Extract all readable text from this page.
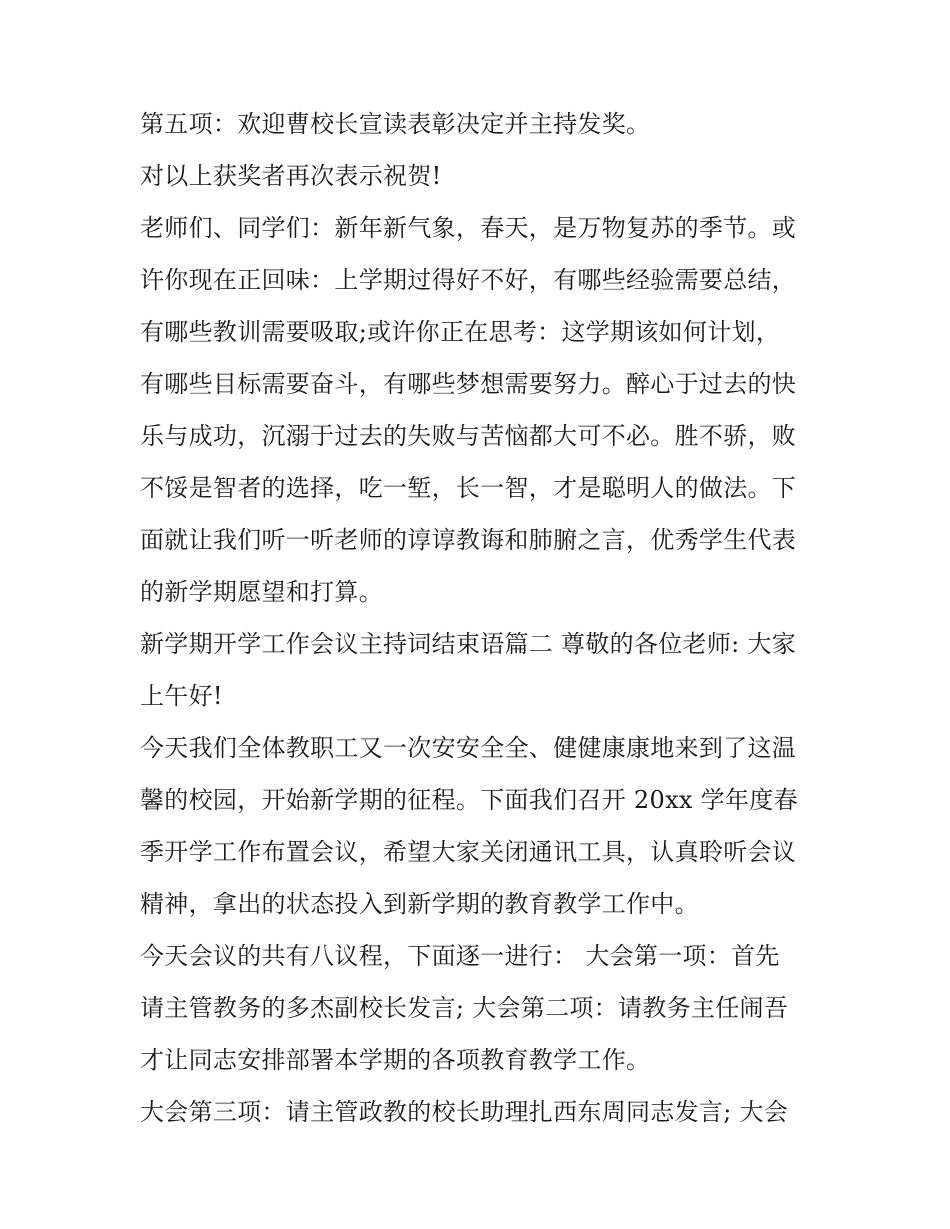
第五项：欢迎曹校长宣读表彰决定并主持发奖。
对以上获奖者再次表示祝贺!
老师们、同学们：新年新气象，春天，是万物复苏的季节。或
许你现在正回味：上学期过得好不好，有哪些经验需要总结，
有哪些教训需要吸取;或许你正在思考：这学期该如何计划，
有哪些目标需要奋斗，有哪些梦想需要努力。醉心于过去的快
乐与成功，沉溺于过去的失败与苦恼都大可不必。胜不骄，败
不馁是智者的选择，吃一堑，长一智，才是聪明人的做法。下
面就让我们听一听老师的谆谆教诲和肺腑之言，优秀学生代表
的新学期愿望和打算。
新学期开学工作会议主持词结束语篇二 尊敬的各位老师: 大家
上午好!
今天我们全体教职工又一次安安全全、健健康康地来到了这温
馨的校园，开始新学期的征程。下面我们召开 20xx 学年度春
季开学工作布置会议，希望大家关闭通讯工具，认真聆听会议
精神，拿出的状态投入到新学期的教育教学工作中。
今天会议的共有八议程，下面逐一进行： 大会第一项：首先
请主管教务的多杰副校长发言; 大会第二项：请教务主任闹吾
才让同志安排部署本学期的各项教育教学工作。
大会第三项：请主管政教的校长助理扎西东周同志发言; 大会
